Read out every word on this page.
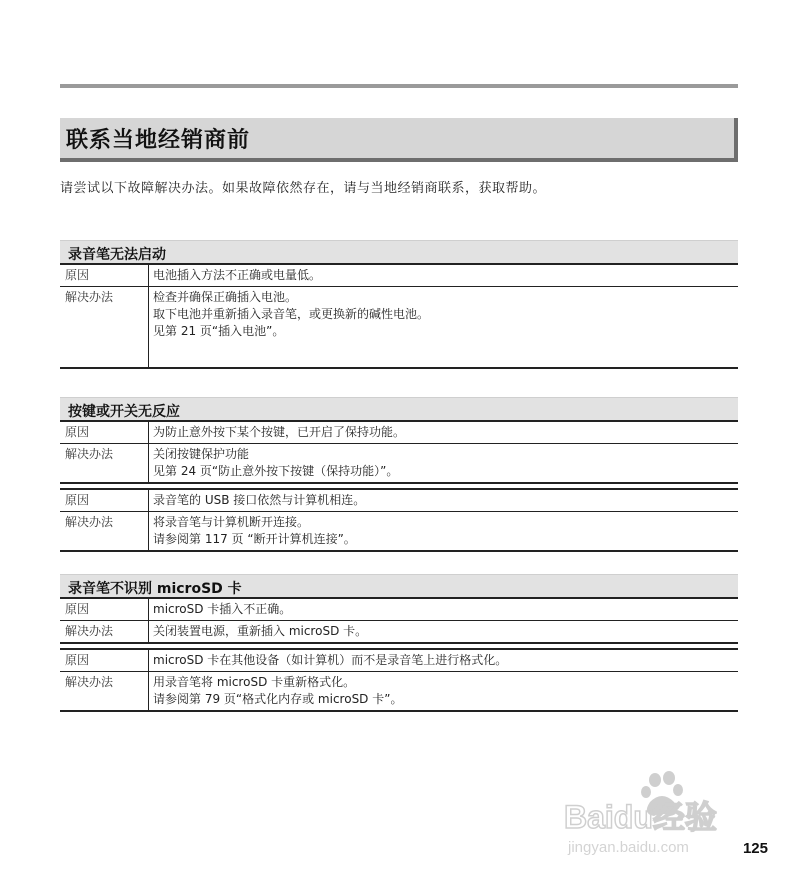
联系当地经销商前
请尝试以下故障解决办法。如果故障依然存在，请与当地经销商联系，获取帮助。
录音笔无法启动
原因	电池插入方法不正确或电量低。
解决办法	检查并确保正确插入电池。
取下电池并重新插入录音笔，或更换新的碱性电池。
见第 21 页“插入电池”。
按键或开关无反应
原因	为防止意外按下某个按键，已开启了保持功能。
解决办法	关闭按键保护功能
见第 24 页“防止意外按下按键（保持功能）”。
原因	录音笔的 USB 接口依然与计算机相连。
解决办法	将录音笔与计算机断开连接。
请参阅第 117 页 “断开计算机连接”。
录音笔不识别 microSD 卡
原因	microSD 卡插入不正确。
解决办法	关闭装置电源，重新插入 microSD 卡。
原因	microSD 卡在其他设备（如计算机）而不是录音笔上进行格式化。
解决办法	用录音笔将 microSD 卡重新格式化。
请参阅第 79 页“格式化内存或 microSD 卡”。
Baidu经验
jingyan.baidu.com	125
